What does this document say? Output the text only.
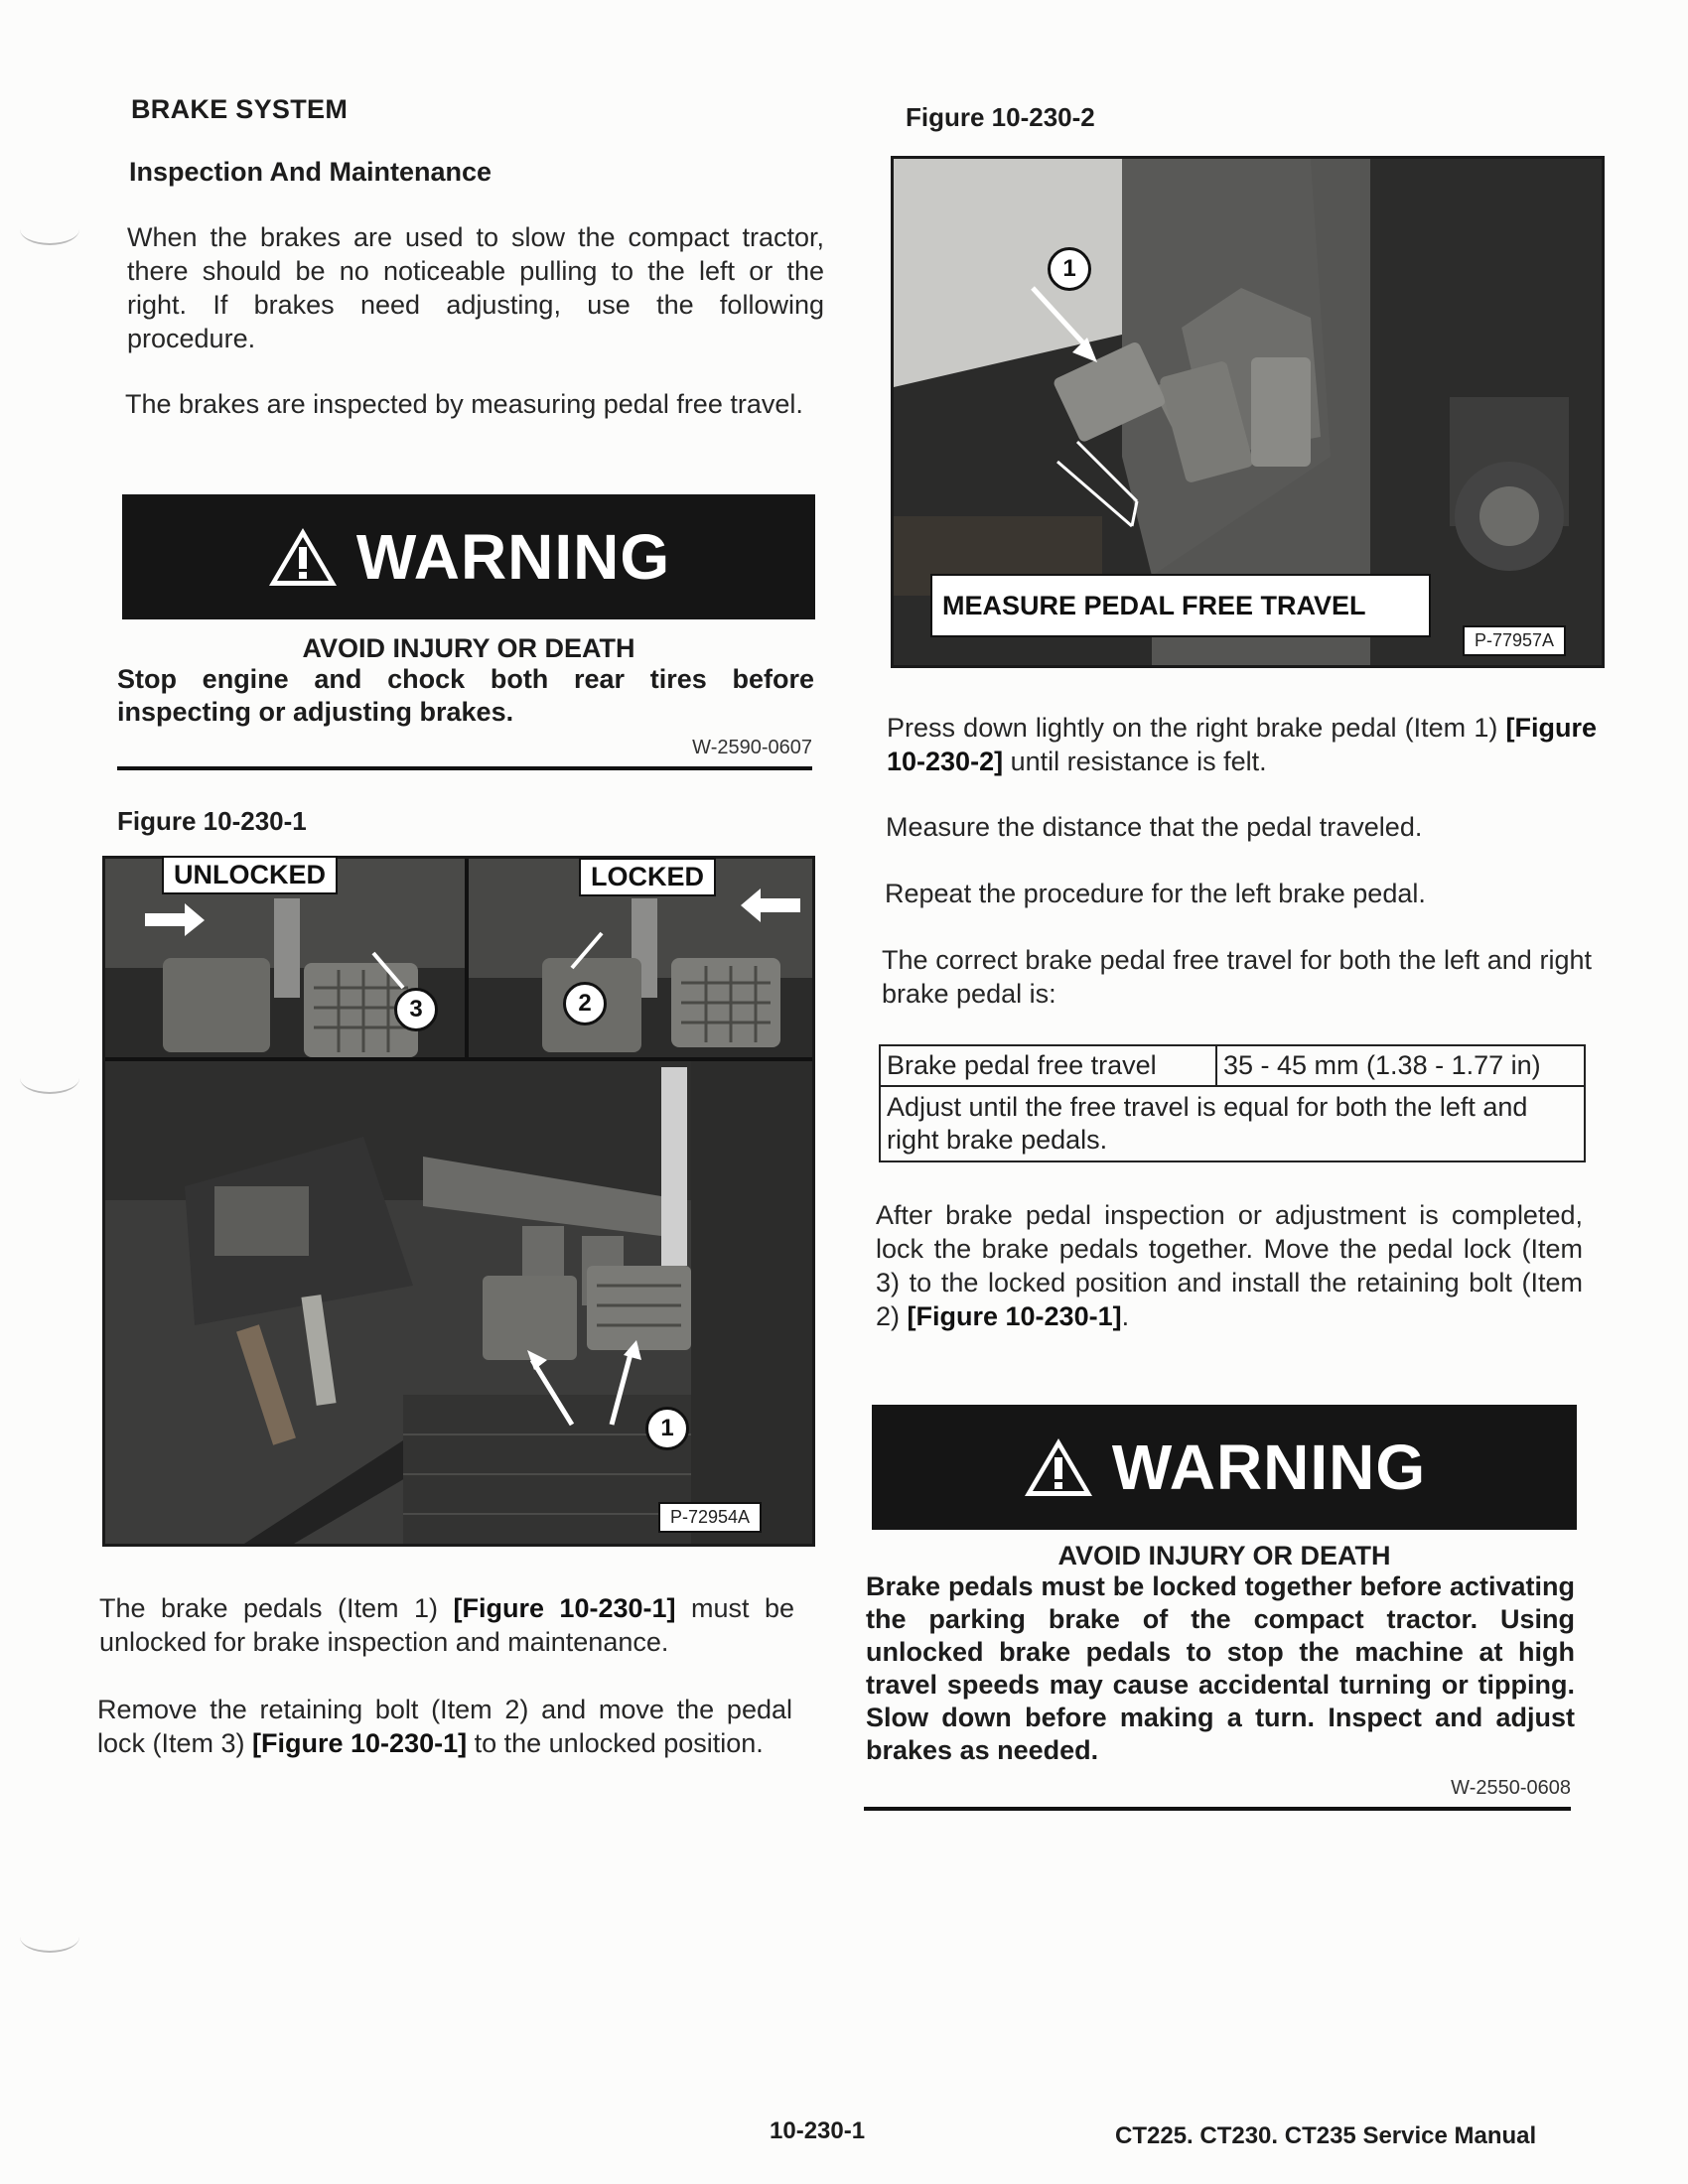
BRAKE SYSTEM
Inspection And Maintenance
When the brakes are used to slow the compact tractor, there should be no noticeable pulling to the left or the right. If brakes need adjusting, use the following procedure.
The brakes are inspected by measuring pedal free travel.
WARNING
AVOID INJURY OR DEATH
Stop engine and chock both rear tires before inspecting or adjusting brakes.
W-2590-0607
Figure 10-230-1
UNLOCKED	LOCKED
3	2
1
P-72954A
The brake pedals (Item 1) [Figure 10-230-1] must be unlocked for brake inspection and maintenance.
Remove the retaining bolt (Item 2) and move the pedal lock (Item 3) [Figure 10-230-1] to the unlocked position.
Figure 10-230-2
1
MEASURE PEDAL FREE TRAVEL
P-77957A
Press down lightly on the right brake pedal (Item 1) [Figure 10-230-2] until resistance is felt.
Measure the distance that the pedal traveled.
Repeat the procedure for the left brake pedal.
The correct brake pedal free travel for both the left and right brake pedal is:
Brake pedal free travel	35 - 45 mm (1.38 - 1.77 in)
Adjust until the free travel is equal for both the left and right brake pedals.
After brake pedal inspection or adjustment is completed, lock the brake pedals together. Move the pedal lock (Item 3) to the locked position and install the retaining bolt (Item 2) [Figure 10-230-1].
WARNING
AVOID INJURY OR DEATH
Brake pedals must be locked together before activating the parking brake of the compact tractor. Using unlocked brake pedals to stop the machine at high travel speeds may cause accidental turning or tipping. Slow down before making a turn. Inspect and adjust brakes as needed.
W-2550-0608
10-230-1	CT225. CT230. CT235 Service Manual
